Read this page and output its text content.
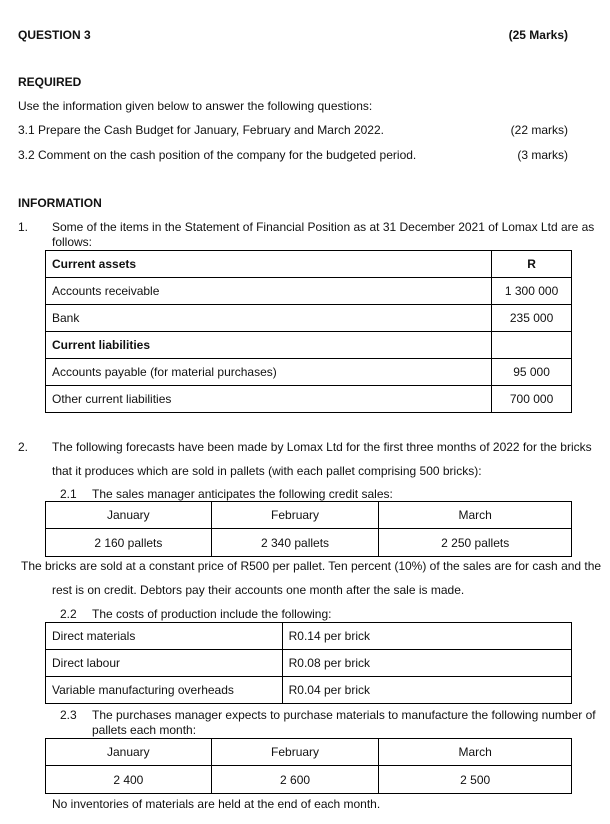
QUESTION 3	(25 Marks)
REQUIRED
Use the information given below to answer the following questions:
3.1 Prepare the Cash Budget for January, February and March 2022.	(22 marks)
3.2 Comment on the cash position of the company for the budgeted period.	(3 marks)
INFORMATION
1. Some of the items in the Statement of Financial Position as at 31 December 2021 of Lomax Ltd are as
follows:
Current assets	R
Accounts receivable	1 300 000
Bank	235 000
Current liabilities	
Accounts payable (for material purchases)	95 000
Other current liabilities	700 000
2. The following forecasts have been made by Lomax Ltd for the first three months of 2022 for the bricks
that it produces which are sold in pallets (with each pallet comprising 500 bricks):
2.1 The sales manager anticipates the following credit sales:
January	February	March
2 160 pallets	2 340 pallets	2 250 pallets
The bricks are sold at a constant price of R500 per pallet. Ten percent (10%) of the sales are for cash and the
rest is on credit. Debtors pay their accounts one month after the sale is made.
2.2 The costs of production include the following:
Direct materials	R0.14 per brick
Direct labour	R0.08 per brick
Variable manufacturing overheads	R0.04 per brick
2.3 The purchases manager expects to purchase materials to manufacture the following number of
pallets each month:
January	February	March
2 400	2 600	2 500
No inventories of materials are held at the end of each month.
